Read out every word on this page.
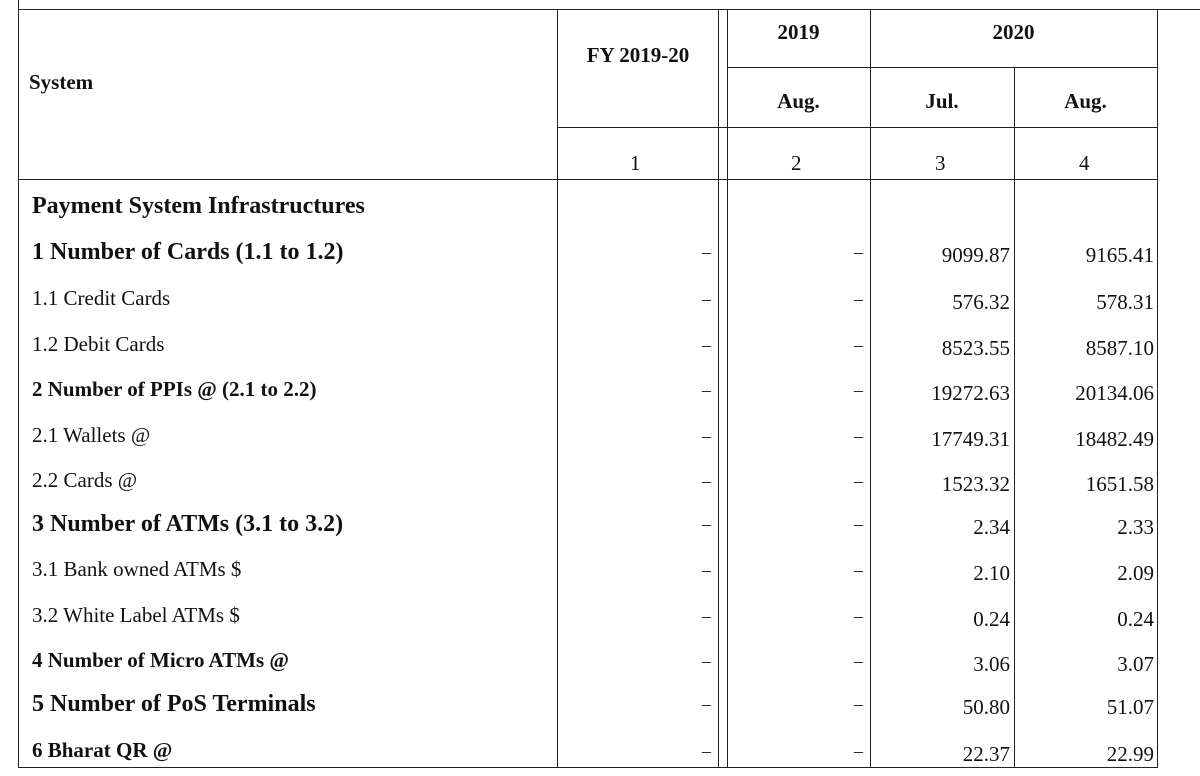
System
FY 2019-20
2019	2020
Aug.	Jul.	Aug.
1	2	3	4
Payment System Infrastructures
1 Number of Cards (1.1 to 1.2)	–	–	9099.87	9165.41
1.1 Credit Cards	–	–	576.32	578.31
1.2 Debit Cards	–	–	8523.55	8587.10
2 Number of PPIs @ (2.1 to 2.2)	–	–	19272.63	20134.06
2.1 Wallets @	–	–	17749.31	18482.49
2.2 Cards @	–	–	1523.32	1651.58
3 Number of ATMs (3.1 to 3.2)	–	–	2.34	2.33
3.1 Bank owned ATMs $	–	–	2.10	2.09
3.2 White Label ATMs $	–	–	0.24	0.24
4 Number of Micro ATMs @	–	–	3.06	3.07
5 Number of PoS Terminals	–	–	50.80	51.07
6 Bharat QR @	–	–	22.37	22.99
